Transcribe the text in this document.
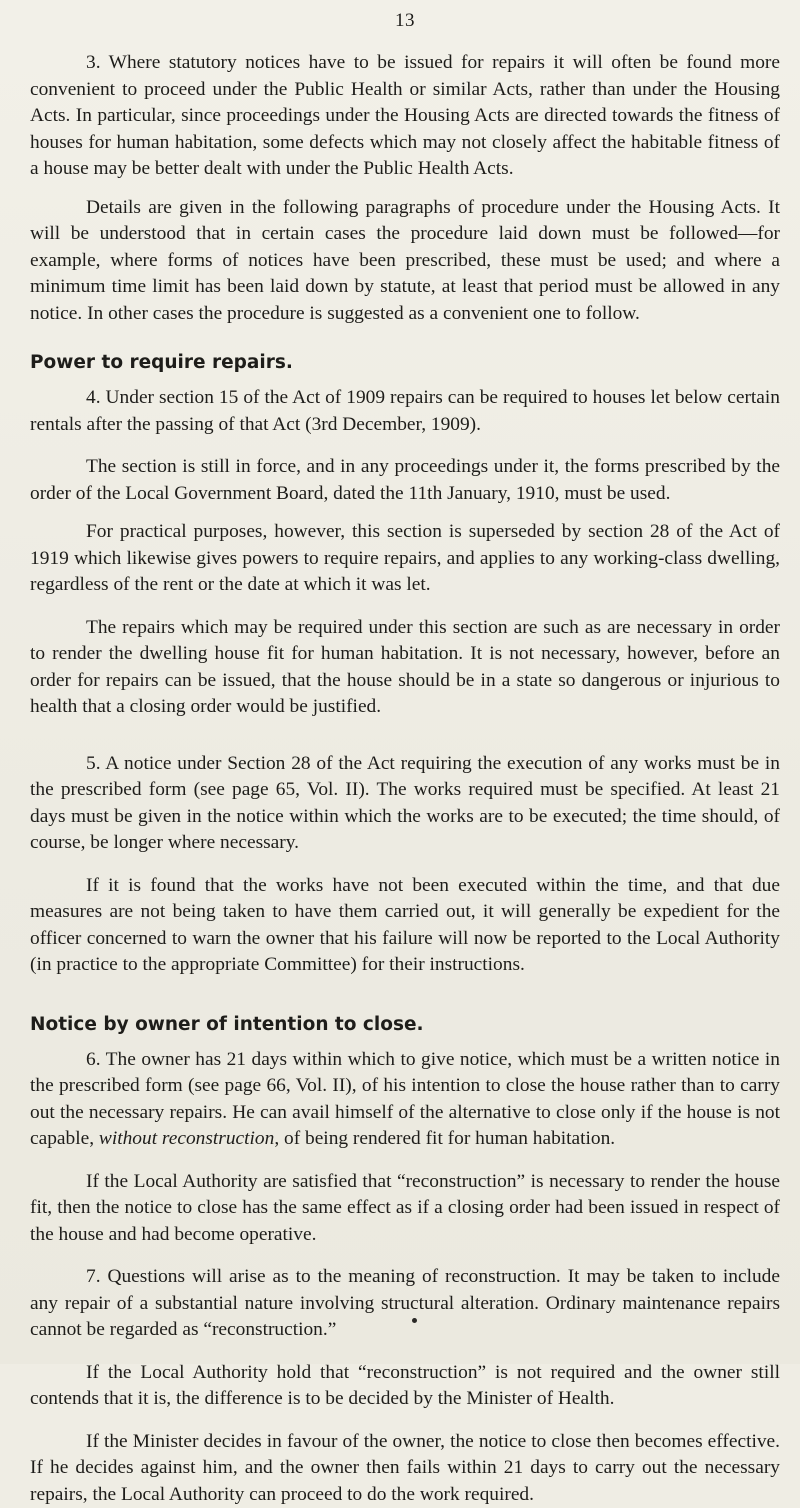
13

3. Where statutory notices have to be issued for repairs it will often be found more convenient to proceed under the Public Health or similar Acts, rather than under the Housing Acts. In particular, since proceedings under the Housing Acts are directed towards the fitness of houses for human habitation, some defects which may not closely affect the habitable fitness of a house may be better dealt with under the Public Health Acts.

Details are given in the following paragraphs of procedure under the Housing Acts. It will be understood that in certain cases the procedure laid down must be followed—for example, where forms of notices have been prescribed, these must be used; and where a minimum time limit has been laid down by statute, at least that period must be allowed in any notice. In other cases the procedure is suggested as a convenient one to follow.

Power to require repairs.

4. Under section 15 of the Act of 1909 repairs can be required to houses let below certain rentals after the passing of that Act (3rd December, 1909).

The section is still in force, and in any proceedings under it, the forms prescribed by the order of the Local Government Board, dated the 11th January, 1910, must be used.

For practical purposes, however, this section is superseded by section 28 of the Act of 1919 which likewise gives powers to require repairs, and applies to any working-class dwelling, regardless of the rent or the date at which it was let.

The repairs which may be required under this section are such as are necessary in order to render the dwelling house fit for human habitation. It is not necessary, however, before an order for repairs can be issued, that the house should be in a state so dangerous or injurious to health that a closing order would be justified.

5. A notice under Section 28 of the Act requiring the execution of any works must be in the prescribed form (see page 65, Vol. II). The works required must be specified. At least 21 days must be given in the notice within which the works are to be executed; the time should, of course, be longer where necessary.

If it is found that the works have not been executed within the time, and that due measures are not being taken to have them carried out, it will generally be expedient for the officer concerned to warn the owner that his failure will now be reported to the Local Authority (in practice to the appropriate Committee) for their instructions.

Notice by owner of intention to close.

6. The owner has 21 days within which to give notice, which must be a written notice in the prescribed form (see page 66, Vol. II), of his intention to close the house rather than to carry out the necessary repairs. He can avail himself of the alternative to close only if the house is not capable, without reconstruction, of being rendered fit for human habitation.

If the Local Authority are satisfied that “reconstruction” is necessary to render the house fit, then the notice to close has the same effect as if a closing order had been issued in respect of the house and had become operative.

7. Questions will arise as to the meaning of reconstruction. It may be taken to include any repair of a substantial nature involving structural alteration. Ordinary maintenance repairs cannot be regarded as “reconstruction.”

If the Local Authority hold that “reconstruction” is not required and the owner still contends that it is, the difference is to be decided by the Minister of Health.

If the Minister decides in favour of the owner, the notice to close then becomes effective. If he decides against him, and the owner then fails within 21 days to carry out the necessary repairs, the Local Authority can proceed to do the work required.
